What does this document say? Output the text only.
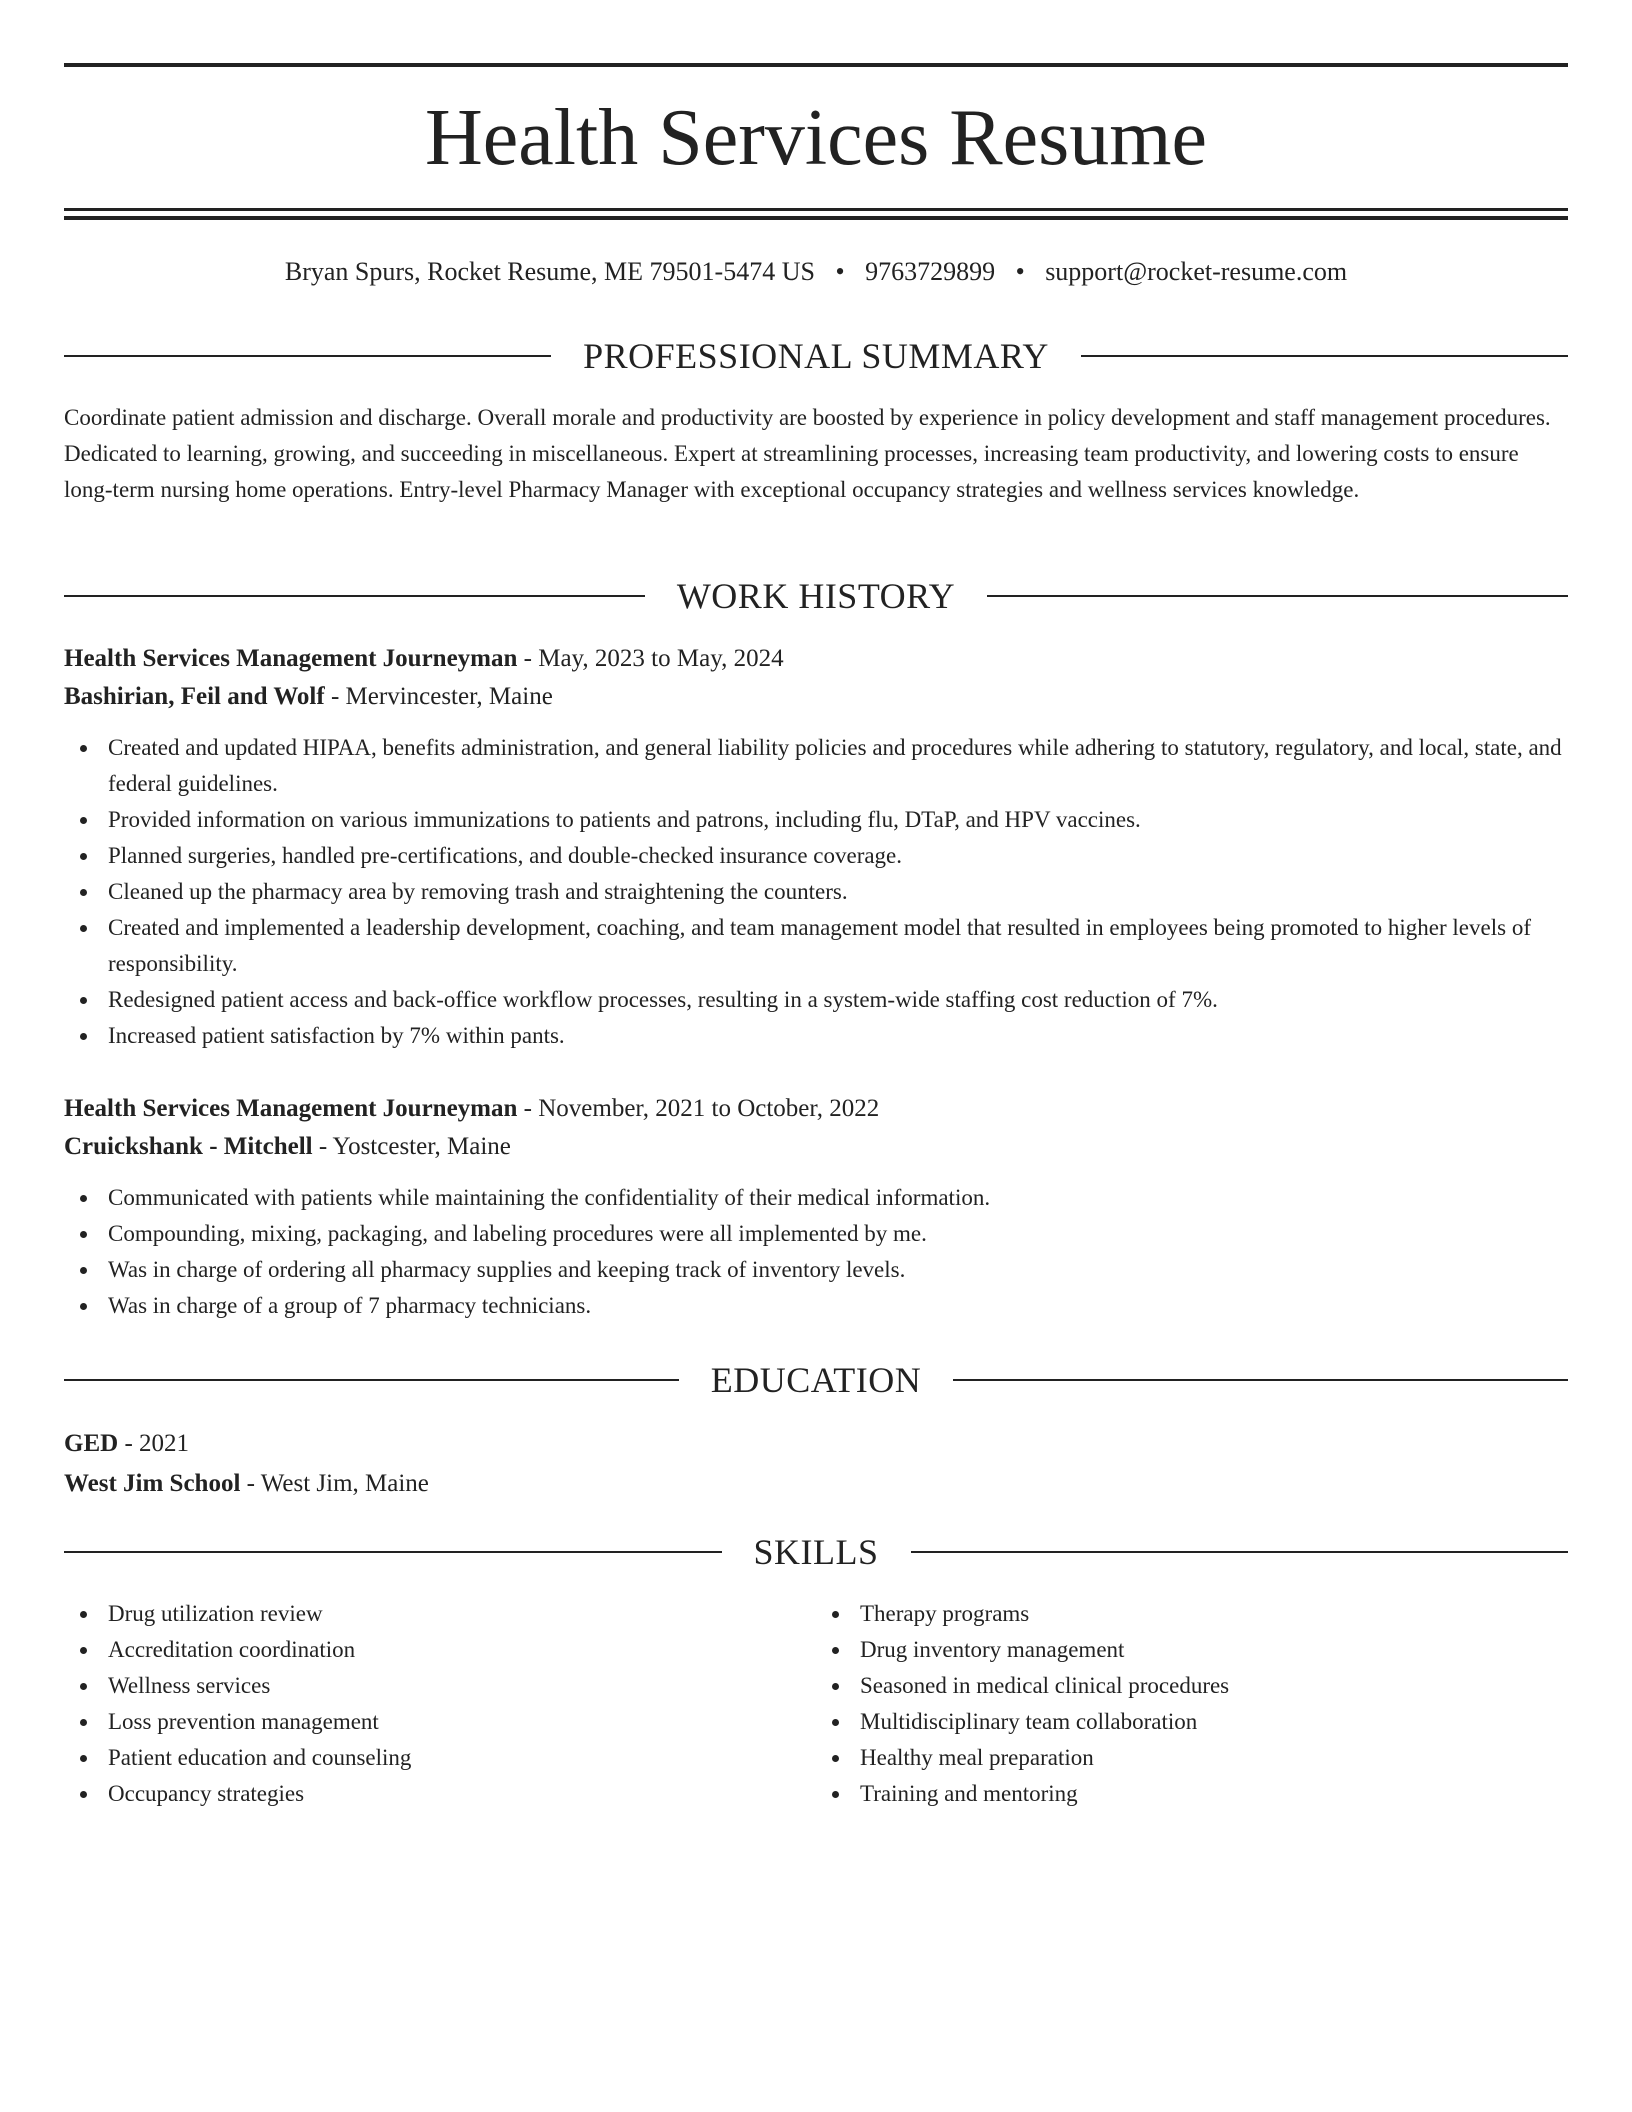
Health Services Resume
Bryan Spurs, Rocket Resume, ME 79501-5474 US • 9763729899 • support@rocket-resume.com
PROFESSIONAL SUMMARY

Coordinate patient admission and discharge. Overall morale and productivity are boosted by experience in policy development and staff management procedures. Dedicated to learning, growing, and succeeding in miscellaneous. Expert at streamlining processes, increasing team productivity, and lowering costs to ensure long-term nursing home operations. Entry-level Pharmacy Manager with exceptional occupancy strategies and wellness services knowledge.

WORK HISTORY
Health Services Management Journeyman - May, 2023 to May, 2024
Bashirian, Feil and Wolf - Mervincester, Maine
Created and updated HIPAA, benefits administration, and general liability policies and procedures while adhering to statutory, regulatory, and local, state, and federal guidelines.
Provided information on various immunizations to patients and patrons, including flu, DTaP, and HPV vaccines.
Planned surgeries, handled pre-certifications, and double-checked insurance coverage.
Cleaned up the pharmacy area by removing trash and straightening the counters.
Created and implemented a leadership development, coaching, and team management model that resulted in employees being promoted to higher levels of responsibility.
Redesigned patient access and back-office workflow processes, resulting in a system-wide staffing cost reduction of 7%.
Increased patient satisfaction by 7% within pants.
Health Services Management Journeyman - November, 2021 to October, 2022
Cruickshank - Mitchell - Yostcester, Maine
Communicated with patients while maintaining the confidentiality of their medical information.
Compounding, mixing, packaging, and labeling procedures were all implemented by me.
Was in charge of ordering all pharmacy supplies and keeping track of inventory levels.
Was in charge of a group of 7 pharmacy technicians.
EDUCATION
GED - 2021
West Jim School - West Jim, Maine
SKILLS
Drug utilization review
Accreditation coordination
Wellness services
Loss prevention management
Patient education and counseling
Occupancy strategies
Therapy programs
Drug inventory management
Seasoned in medical clinical procedures
Multidisciplinary team collaboration
Healthy meal preparation
Training and mentoring
